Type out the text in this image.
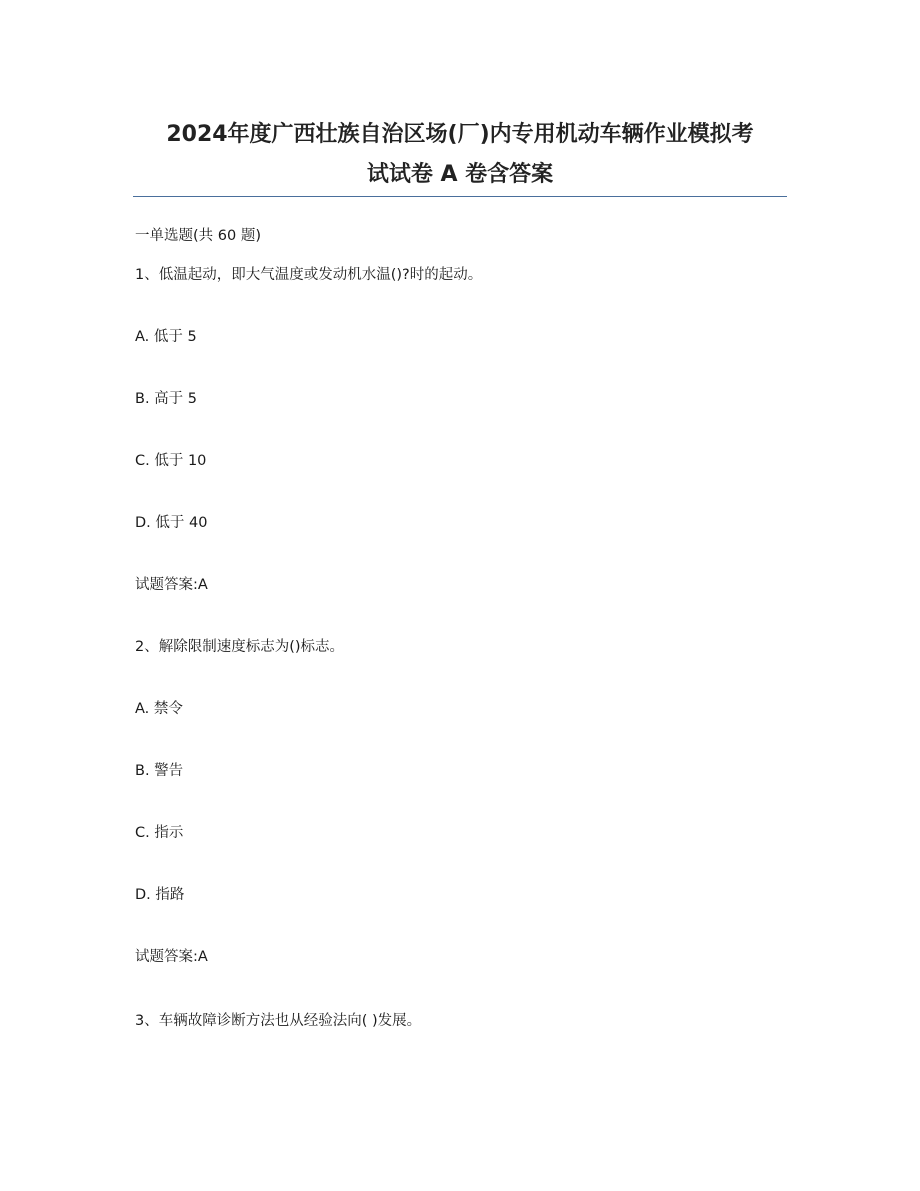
2024年度广西壮族自治区场(厂)内专用机动车辆作业模拟考
试试卷 A 卷含答案
一单选题(共 60 题)
1、低温起动，即大气温度或发动机水温()?时的起动。
A. 低于 5
B. 高于 5
C. 低于 10
D. 低于 40
试题答案:A
2、解除限制速度标志为()标志。
A. 禁令
B. 警告
C. 指示
D. 指路
试题答案:A
3、车辆故障诊断方法也从经验法向( )发展。
